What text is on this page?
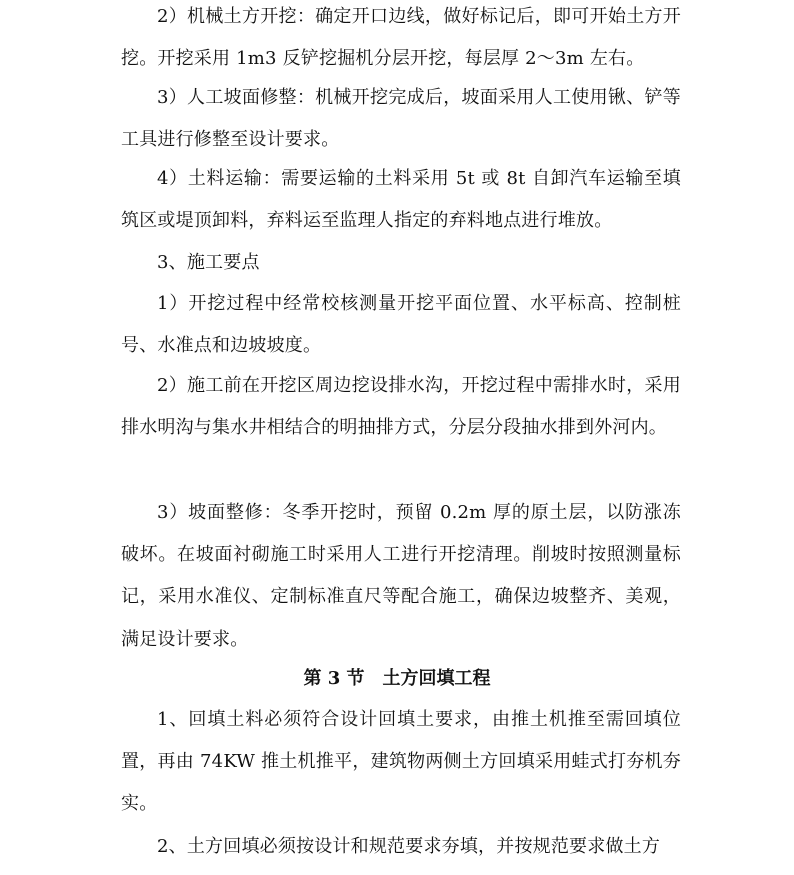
2）机械土方开挖：确定开口边线，做好标记后，即可开始土方开挖。开挖采用 1m3 反铲挖掘机分层开挖，每层厚 2～3m 左右。

3）人工坡面修整：机械开挖完成后，坡面采用人工使用锹、铲等工具进行修整至设计要求。

4）土料运输：需要运输的土料采用 5t 或 8t 自卸汽车运输至填筑区或堤顶卸料，弃料运至监理人指定的弃料地点进行堆放。

3、施工要点

1）开挖过程中经常校核测量开挖平面位置、水平标高、控制桩号、水准点和边坡坡度。

2）施工前在开挖区周边挖设排水沟，开挖过程中需排水时，采用排水明沟与集水井相结合的明抽排方式，分层分段抽水排到外河内。

3）坡面整修：冬季开挖时，预留 0.2m 厚的原土层，以防涨冻破坏。在坡面衬砌施工时采用人工进行开挖清理。削坡时按照测量标记，采用水准仪、定制标准直尺等配合施工，确保边坡整齐、美观，满足设计要求。

第 3 节　土方回填工程

1、回填土料必须符合设计回填土要求，由推土机推至需回填位置，再由 74KW 推土机推平，建筑物两侧土方回填采用蛙式打夯机夯实。

2、土方回填必须按设计和规范要求夯填，并按规范要求做土方
